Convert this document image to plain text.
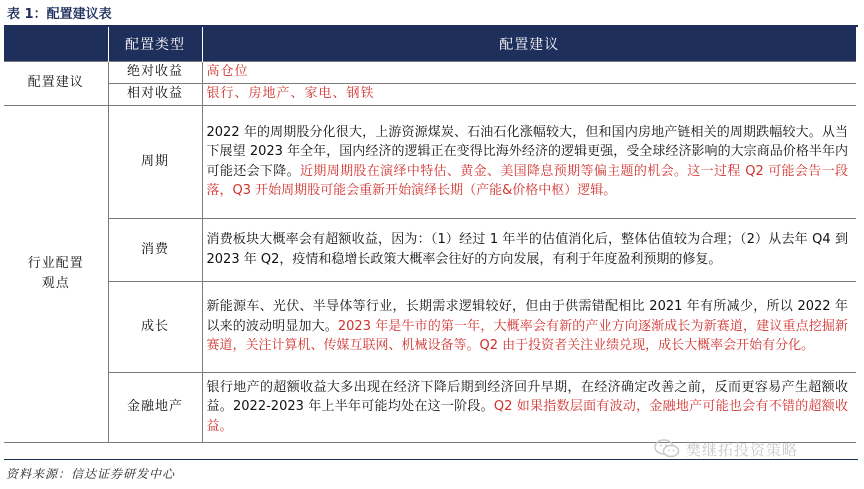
表 1：配置建议表
	配置类型	配置建议
配置建议	绝对收益	高仓位
	相对收益	银行、房地产、家电、钢铁

行业配置
观点	周期	2022 年的周期股分化很大，上游资源煤炭、石油石化涨幅较大，但和国内房地产链相关的周期跌幅较大。从当下展望 2023 年全年，国内经济的逻辑正在变得比海外经济的逻辑更强，受全球经济影响的大宗商品价格半年内可能还会下降。近期周期股在演绎中特估、黄金、美国降息预期等偏主题的机会。这一过程 Q2 可能会告一段落，Q3 开始周期股可能会重新开始演绎长期（产能&价格中枢）逻辑。
	消费	消费板块大概率会有超额收益，因为：（1）经过 1 年半的估值消化后，整体估值较为合理；（2）从去年 Q4 到 2023 年 Q2，疫情和稳增长政策大概率会往好的方向发展，有利于年度盈利预期的修复。
	成长	新能源车、光伏、半导体等行业，长期需求逻辑较好，但由于供需错配相比 2021 年有所减少，所以 2022 年以来的波动明显加大。2023 年是牛市的第一年，大概率会有新的产业方向逐渐成长为新赛道，建议重点挖掘新赛道，关注计算机、传媒互联网、机械设备等。Q2 由于投资者关注业绩兑现，成长大概率会开始有分化。
	金融地产	银行地产的超额收益大多出现在经济下降后期到经济回升早期，在经济确定改善之前，反而更容易产生超额收益。2022-2023 年上半年可能均处在这一阶段。Q2 如果指数层面有波动，金融地产可能也会有不错的超额收益。
资料来源：信达证券研发中心
樊继拓投资策略
